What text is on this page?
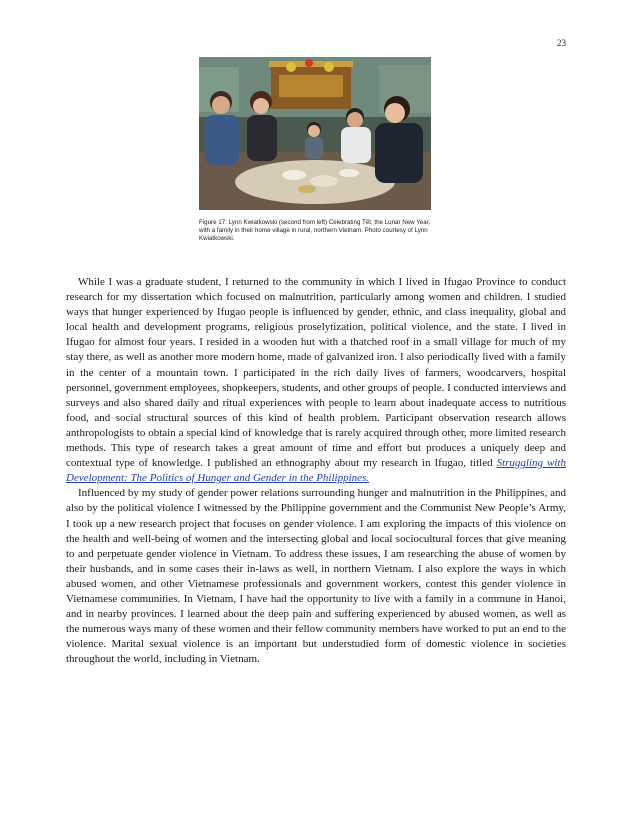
23
Figure 17: Lynn Kwiatkowski (second from left) Celebrating Tết, the Lunar New Year, with a family in their home village in rural, northern Vietnam. Photo courtesy of Lynn Kwiatkowski.

While I was a graduate student, I returned to the community in which I lived in Ifugao Province to conduct research for my dissertation which focused on malnutrition, particularly among women and children. I studied ways that hunger experienced by Ifugao people is influenced by gender, ethnic, and class inequality, global and local health and development programs, religious proselytization, political violence, and the state. I lived in Ifugao for almost four years. I resided in a wooden hut with a thatched roof in a small village for much of my stay there, as well as another more modern home, made of galvanized iron. I also periodically lived with a family in the center of a mountain town. I participated in the rich daily lives of farmers, woodcarvers, hospital personnel, government employees, shopkeepers, students, and other groups of people. I conducted interviews and surveys and also shared daily and ritual experiences with people to learn about inadequate access to nutritious food, and social structural sources of this kind of health problem. Participant observation research allows anthropologists to obtain a special kind of knowledge that is rarely acquired through other, more limited research methods. This type of research takes a great amount of time and effort but produces a uniquely deep and contextual type of knowledge. I published an ethnography about my research in Ifugao, titled Struggling with Development: The Politics of Hunger and Gender in the Philippines.

Influenced by my study of gender power relations surrounding hunger and malnutrition in the Philippines, and also by the political violence I witnessed by the Philippine government and the Communist New People’s Army, I took up a new research project that focuses on gender violence. I am exploring the impacts of this violence on the health and well-being of women and the intersecting global and local sociocultural forces that give meaning to and perpetuate gender violence in Vietnam. To address these issues, I am researching the abuse of women by their husbands, and in some cases their in-laws as well, in northern Vietnam. I also explore the ways in which abused women, and other Vietnamese professionals and government workers, contest this gender violence in Vietnamese communities. In Vietnam, I have had the opportunity to live with a family in a commune in Hanoi, and in nearby provinces. I learned about the deep pain and suffering experienced by abused women, as well as the numerous ways many of these women and their fellow community members have worked to put an end to the violence. Marital sexual violence is an important but understudied form of domestic violence in societies throughout the world, including in Vietnam.
